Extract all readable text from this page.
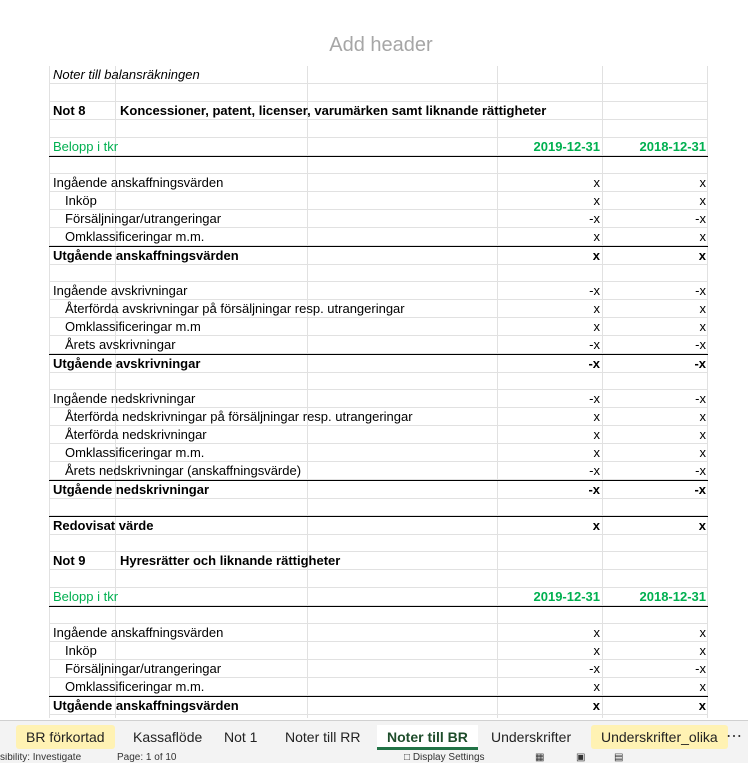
Add header
Noter till balansräkningen
Not 8	Koncessioner, patent, licenser, varumärken samt liknande rättigheter
Belopp i tkr	2019-12-31	2018-12-31
Ingående anskaffningsvärden	x	x
Inköp	x	x
Försäljningar/utrangeringar	-x	-x
Omklassificeringar m.m.	x	x
Utgående anskaffningsvärden	x	x
Ingående avskrivningar	-x	-x
Återförda avskrivningar på försäljningar resp. utrangeringar	x	x
Omklassificeringar m.m	x	x
Årets avskrivningar	-x	-x
Utgående avskrivningar	-x	-x
Ingående nedskrivningar	-x	-x
Återförda nedskrivningar på försäljningar resp. utrangeringar	x	x
Återförda nedskrivningar	x	x
Omklassificeringar m.m.	x	x
Årets nedskrivningar (anskaffningsvärde)	-x	-x
Utgående nedskrivningar	-x	-x
Redovisat värde	x	x
Not 9	Hyresrätter och liknande rättigheter
Belopp i tkr	2019-12-31	2018-12-31
Ingående anskaffningsvärden	x	x
Inköp	x	x
Försäljningar/utrangeringar	-x	-x
Omklassificeringar m.m.	x	x
Utgående anskaffningsvärden	x	x
BR förkortad	Kassaflöde	Not 1	Noter till RR	Noter till BR	Underskrifter	Underskrifter_olika ⋯
sibility: Investigate	Page: 1 of 10	□ Display Settings	▦	▣	▤
